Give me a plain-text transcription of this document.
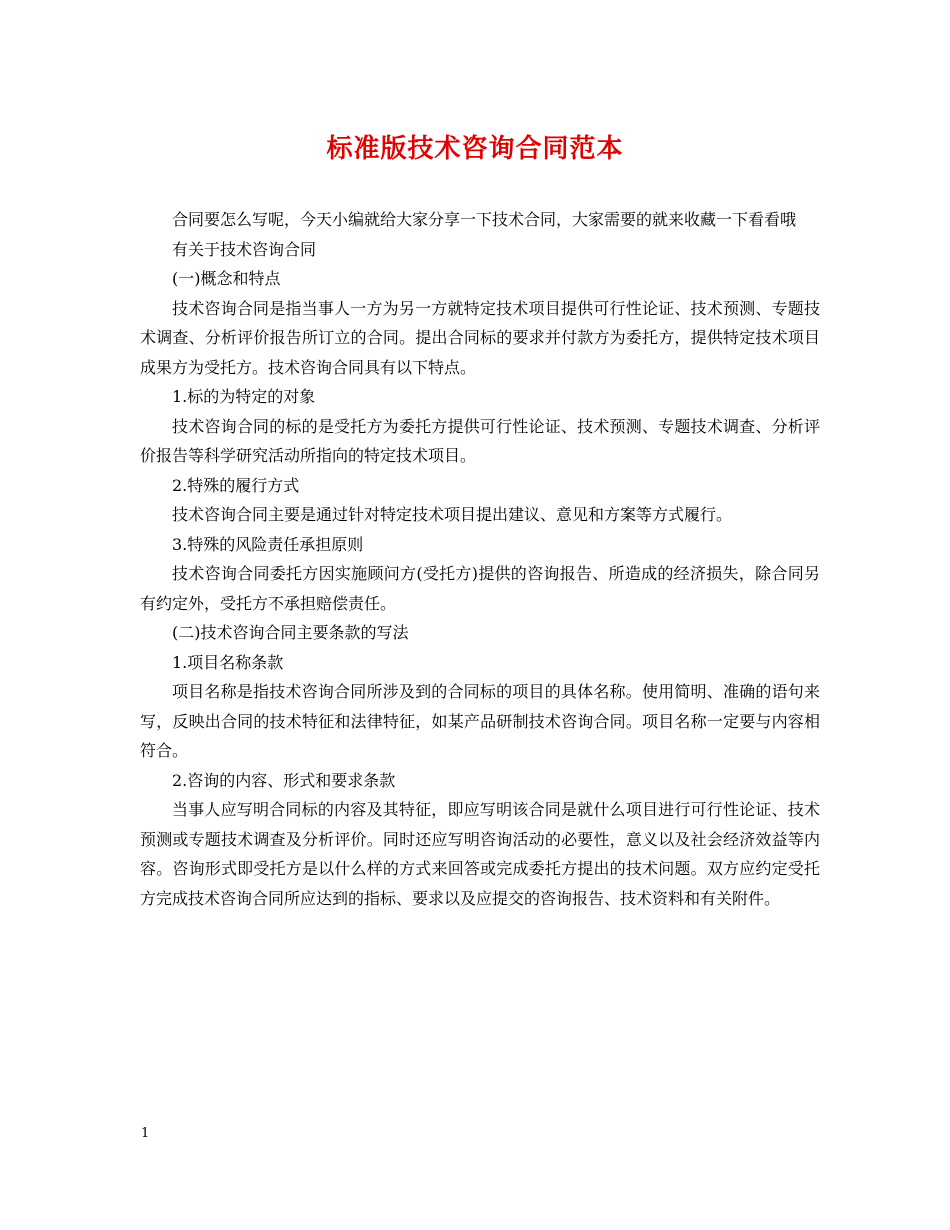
标准版技术咨询合同范本

合同要怎么写呢，今天小编就给大家分享一下技术合同，大家需要的就来收藏一下看看哦

有关于技术咨询合同

(一)概念和特点

技术咨询合同是指当事人一方为另一方就特定技术项目提供可行性论证、技术预测、专题技术调查、分析评价报告所订立的合同。提出合同标的要求并付款方为委托方，提供特定技术项目成果方为受托方。技术咨询合同具有以下特点。

1.标的为特定的对象

技术咨询合同的标的是受托方为委托方提供可行性论证、技术预测、专题技术调查、分析评价报告等科学研究活动所指向的特定技术项目。

2.特殊的履行方式

技术咨询合同主要是通过针对特定技术项目提出建议、意见和方案等方式履行。

3.特殊的风险责任承担原则

技术咨询合同委托方因实施顾问方(受托方)提供的咨询报告、所造成的经济损失，除合同另有约定外，受托方不承担赔偿责任。

(二)技术咨询合同主要条款的写法

1.项目名称条款

项目名称是指技术咨询合同所涉及到的合同标的项目的具体名称。使用简明、准确的语句来写，反映出合同的技术特征和法律特征，如某产品研制技术咨询合同。项目名称一定要与内容相符合。

2.咨询的内容、形式和要求条款

当事人应写明合同标的内容及其特征，即应写明该合同是就什么项目进行可行性论证、技术预测或专题技术调查及分析评价。同时还应写明咨询活动的必要性，意义以及社会经济效益等内容。咨询形式即受托方是以什么样的方式来回答或完成委托方提出的技术问题。双方应约定受托方完成技术咨询合同所应达到的指标、要求以及应提交的咨询报告、技术资料和有关附件。

1
